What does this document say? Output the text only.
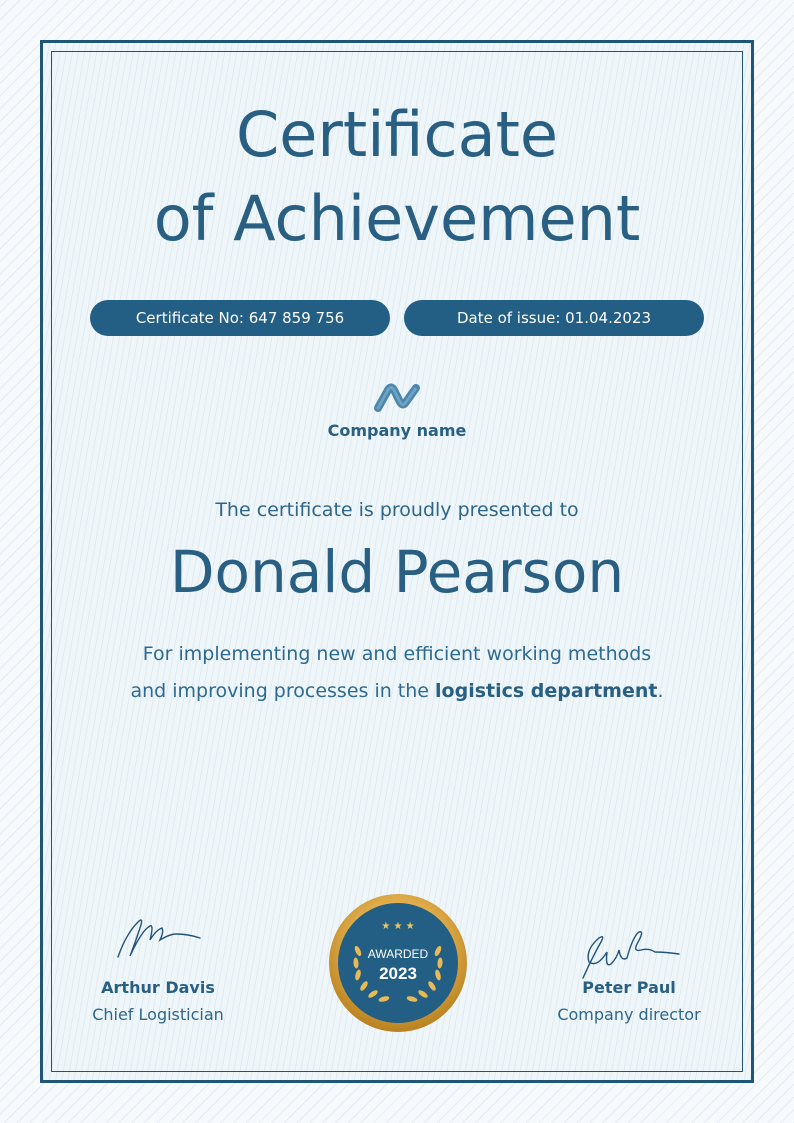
Certificate
of Achievement
Certificate No: 647 859 756	Date of issue: 01.04.2023
Company name
The certificate is proudly presented to
Donald Pearson
For implementing new and efficient working methods
and improving processes in the logistics department.
Arthur Davis
Chief Logistician
★ ★ ★
AWARDED
2023
Peter Paul
Company director
